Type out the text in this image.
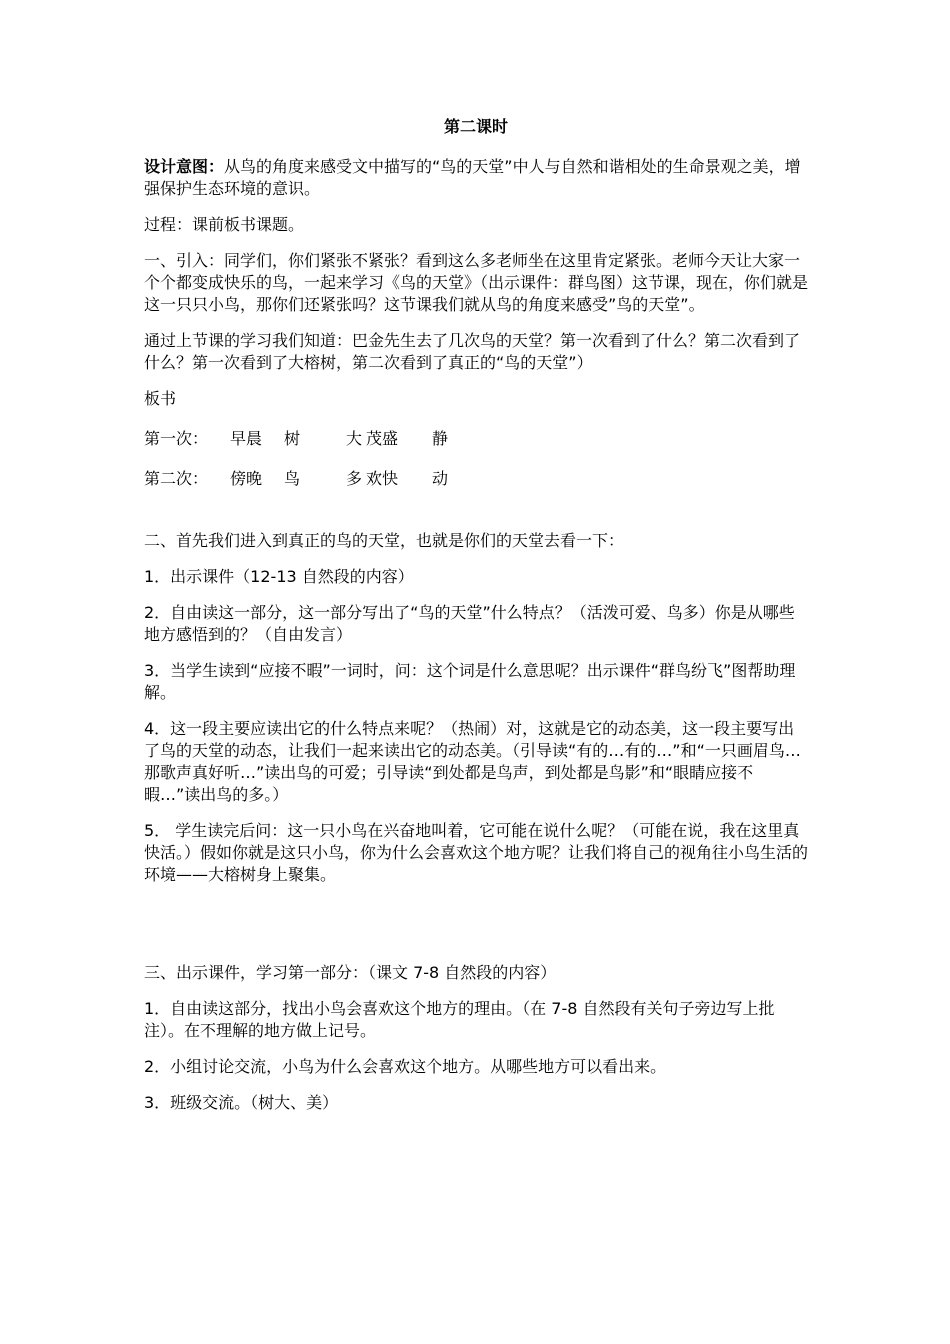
第二课时

设计意图：从鸟的角度来感受文中描写的“鸟的天堂”中人与自然和谐相处的生命景观之美，增强保护生态环境的意识。

过程：课前板书课题。

一、引入：同学们，你们紧张不紧张？看到这么多老师坐在这里肯定紧张。老师今天让大家一个个都变成快乐的鸟，一起来学习《鸟的天堂》（出示课件：群鸟图）这节课，现在，你们就是这一只只小鸟，那你们还紧张吗？这节课我们就从鸟的角度来感受”鸟的天堂”。

通过上节课的学习我们知道：巴金先生去了几次鸟的天堂？第一次看到了什么？第二次看到了什么？第一次看到了大榕树，第二次看到了真正的“鸟的天堂”）

板书

第一次：	早晨	树	大 茂盛	静
第二次：	傍晚	鸟	多 欢快	动

二、首先我们进入到真正的鸟的天堂，也就是你们的天堂去看一下：

1．出示课件（12-13 自然段的内容）

2．自由读这一部分，这一部分写出了“鸟的天堂”什么特点？（活泼可爱、鸟多）你是从哪些地方感悟到的？（自由发言）

3．当学生读到“应接不暇”一词时，问：这个词是什么意思呢？出示课件“群鸟纷飞”图帮助理解。

4．这一段主要应读出它的什么特点来呢？（热闹）对，这就是它的动态美，这一段主要写出了鸟的天堂的动态，让我们一起来读出它的动态美。（引导读“有的…有的…”和“一只画眉鸟…那歌声真好听…”读出鸟的可爱；引导读“到处都是鸟声，到处都是鸟影”和“眼睛应接不暇…”读出鸟的多。）

5． 学生读完后问：这一只小鸟在兴奋地叫着，它可能在说什么呢？（可能在说，我在这里真快活。）假如你就是这只小鸟，你为什么会喜欢这个地方呢？让我们将自己的视角往小鸟生活的环境——大榕树身上聚集。

三、出示课件，学习第一部分：（课文 7-8 自然段的内容）

1．自由读这部分，找出小鸟会喜欢这个地方的理由。（在 7-8 自然段有关句子旁边写上批注）。在不理解的地方做上记号。

2．小组讨论交流，小鸟为什么会喜欢这个地方。从哪些地方可以看出来。

3．班级交流。（树大、美）
